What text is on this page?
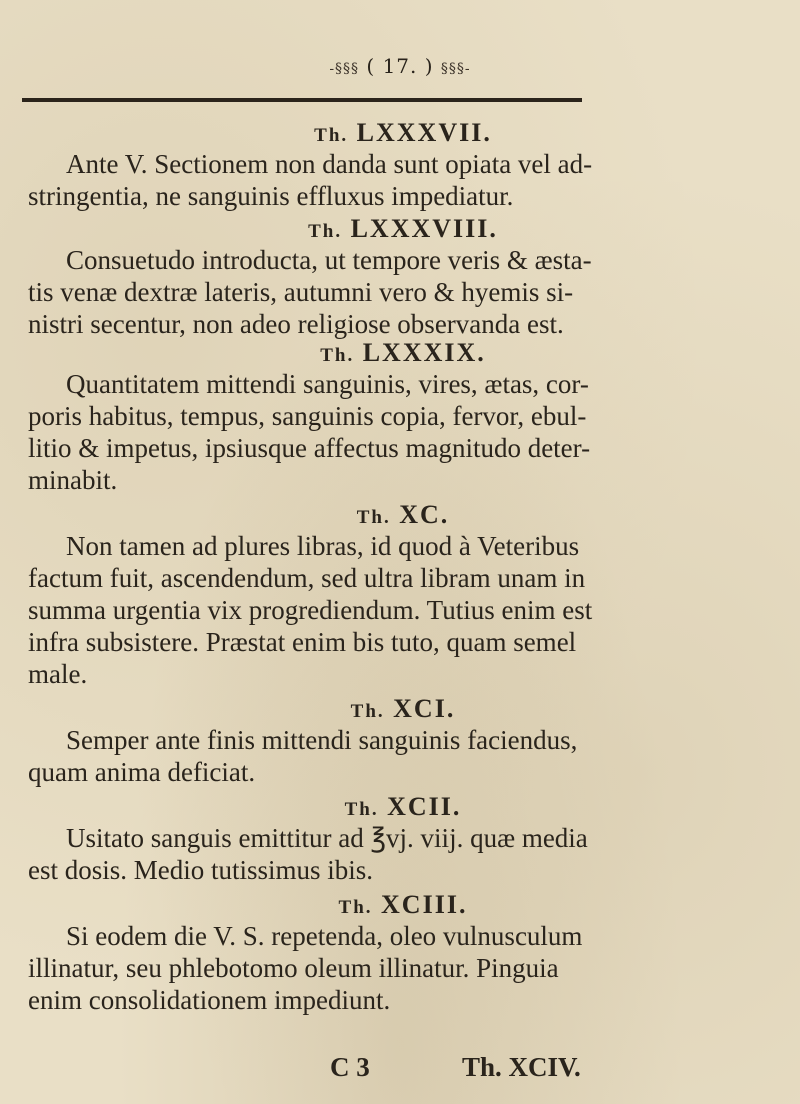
-§§§ ( 17. ) §§§-
Th. LXXXVII.

Ante V. Sectionem non danda sunt opiata vel ad-
stringentia, ne sanguinis effluxus impediatur.

Th. LXXXVIII.

Consuetudo introducta, ut tempore veris & æsta-
tis venæ dextræ lateris, autumni vero & hyemis si-
nistri secentur, non adeo religiose observanda est.

Th. LXXXIX.

Quantitatem mittendi sanguinis, vires, ætas, cor-
poris habitus, tempus, sanguinis copia, fervor, ebul-
litio & impetus, ipsiusque affectus magnitudo deter-
minabit.

Th. XC.

Non tamen ad plures libras, id quod à Veteribus
factum fuit, ascendendum, sed ultra libram unam in
summa urgentia vix progrediendum. Tutius enim est
infra subsistere. Præstat enim bis tuto, quam semel
male.

Th. XCI.

Semper ante finis mittendi sanguinis faciendus,
quam anima deficiat.

Th. XCII.

Usitato sanguis emittitur ad ℥vj. viij. quæ media
est dosis. Medio tutissimus ibis.

Th. XCIII.

Si eodem die V. S. repetenda, oleo vulnusculum
illinatur, seu phlebotomo oleum illinatur. Pinguia
enim consolidationem impediunt.

C 3	Th. XCIV.
